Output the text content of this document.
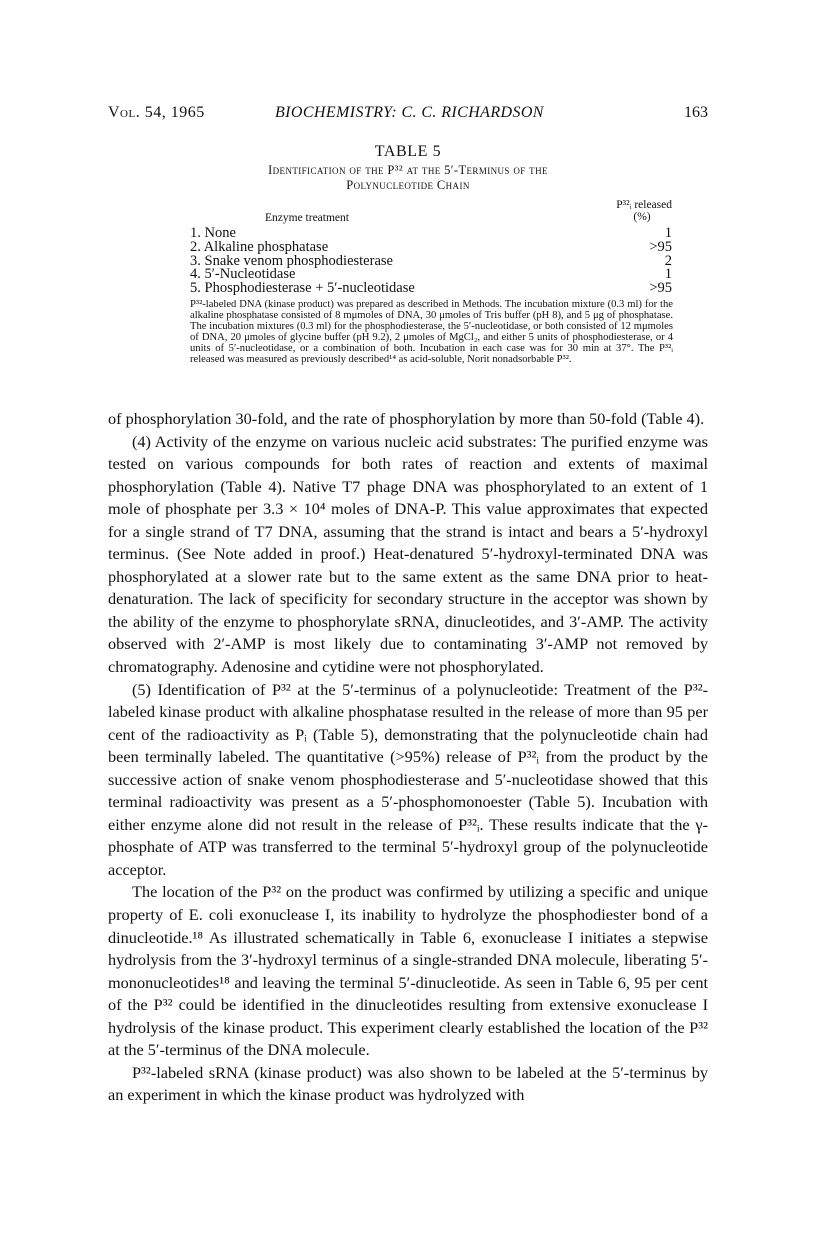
Vol. 54, 1965	BIOCHEMISTRY: C. C. RICHARDSON	163
TABLE 5
Identification of the P³² at the 5′-Terminus of the
Polynucleotide Chain
P³²ᵢ released
(%)
Enzyme treatment
1. None	1
2. Alkaline phosphatase	>95
3. Snake venom phosphodiesterase	2
4. 5′-Nucleotidase	1
5. Phosphodiesterase + 5′-nucleotidase	>95
P³²-labeled DNA (kinase product) was prepared as described in Methods. The incubation mixture (0.3 ml) for the alkaline phosphatase consisted of 8 mμmoles of DNA, 30 μmoles of Tris buffer (pH 8), and 5 μg of phosphatase. The incubation mixtures (0.3 ml) for the phosphodiesterase, the 5′-nucleotidase, or both consisted of 12 mμmoles of DNA, 20 μmoles of glycine buffer (pH 9.2), 2 μmoles of MgCl₂, and either 5 units of phosphodiesterase, or 4 units of 5′-nucleotidase, or a combination of both. Incubation in each case was for 30 min at 37°. The P³²ᵢ released was measured as previously described¹⁴ as acid-soluble, Norit nonadsorbable P³².

of phosphorylation 30-fold, and the rate of phosphorylation by more than 50-fold (Table 4).

(4) Activity of the enzyme on various nucleic acid substrates: The purified enzyme was tested on various compounds for both rates of reaction and extents of maximal phosphorylation (Table 4). Native T7 phage DNA was phosphorylated to an extent of 1 mole of phosphate per 3.3 × 10⁴ moles of DNA-P. This value approximates that expected for a single strand of T7 DNA, assuming that the strand is intact and bears a 5′-hydroxyl terminus. (See Note added in proof.) Heat-denatured 5′-hydroxyl-terminated DNA was phosphorylated at a slower rate but to the same extent as the same DNA prior to heat-denaturation. The lack of specificity for secondary structure in the acceptor was shown by the ability of the enzyme to phosphorylate sRNA, dinucleotides, and 3′-AMP. The activity observed with 2′-AMP is most likely due to contaminating 3′-AMP not removed by chromatography. Adenosine and cytidine were not phosphorylated.

(5) Identification of P³² at the 5′-terminus of a polynucleotide: Treatment of the P³²-labeled kinase product with alkaline phosphatase resulted in the release of more than 95 per cent of the radioactivity as Pᵢ (Table 5), demonstrating that the polynucleotide chain had been terminally labeled. The quantitative (>95%) release of P³²ᵢ from the product by the successive action of snake venom phosphodiesterase and 5′-nucleotidase showed that this terminal radioactivity was present as a 5′-phosphomonoester (Table 5). Incubation with either enzyme alone did not result in the release of P³²ᵢ. These results indicate that the γ-phosphate of ATP was transferred to the terminal 5′-hydroxyl group of the polynucleotide acceptor.

The location of the P³² on the product was confirmed by utilizing a specific and unique property of E. coli exonuclease I, its inability to hydrolyze the phosphodiester bond of a dinucleotide.¹⁸ As illustrated schematically in Table 6, exonuclease I initiates a stepwise hydrolysis from the 3′-hydroxyl terminus of a single-stranded DNA molecule, liberating 5′-mononucleotides¹⁸ and leaving the terminal 5′-dinucleotide. As seen in Table 6, 95 per cent of the P³² could be identified in the dinucleotides resulting from extensive exonuclease I hydrolysis of the kinase product. This experiment clearly established the location of the P³² at the 5′-terminus of the DNA molecule.

P³²-labeled sRNA (kinase product) was also shown to be labeled at the 5′-terminus by an experiment in which the kinase product was hydrolyzed with
